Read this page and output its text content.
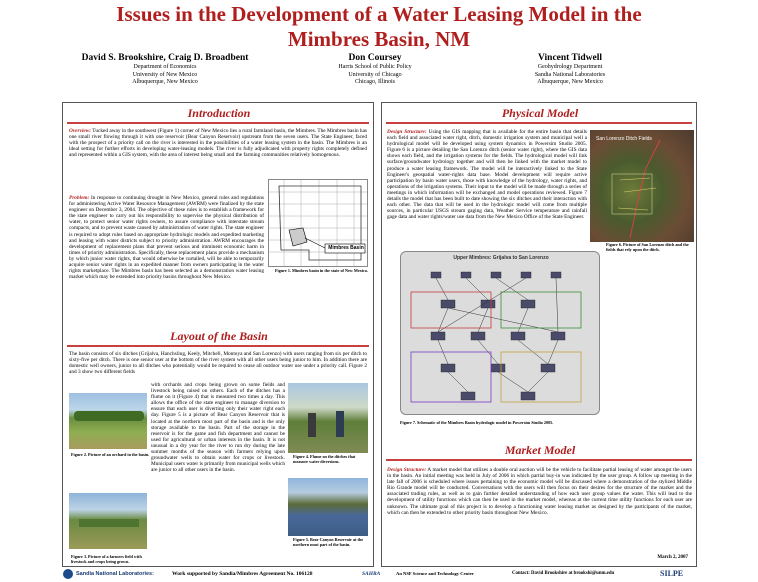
Issues in the Development of a Water Leasing Model in the
Mimbres Basin, NM
David S. Brookshire, Craig D. Broadbent
Department of Economics
University of New Mexico
Albuquerque, New Mexico
Don Coursey
Harris School of Public Policy
University of Chicago
Chicago, Illinois
Vincent Tidwell
Geohydrology Department
Sandia National Laboratories
Albuquerque, New Mexico
Introduction
Overview: Tucked away in the southwest (Figure 1) corner of New Mexico lies a rural farmland basin, the Mimbres. The Mimbres basin has one small river flowing through it with one reservoir (Bear Canyon Reservoir) upstream from the seven users. The State Engineer, faced with the prospect of a priority call on the river is interested in the possibilities of a water leasing system in the basin. The Mimbres is an ideal setting for further efforts in developing water-leasing models. The river is fully adjudicated with property rights completely defined and represented within a GIS system, with the area of interest being small and the farming communities relatively homogenous.
Problem: In response to continuing drought in New Mexico, general rules and regulations for administering Active Water Resource Management (AWRM) were finalized by the state engineer on December 3, 2004. The objective of these rules is to establish a framework for the state engineer to carry out his responsibility to supervise the physical distribution of water, to protect senior water rights owners, to assure compliance with interstate stream compacts, and to prevent waste caused by administration of water rights. The state engineer is required to adopt rules based on appropriate hydrologic models and expedited marketing and leasing with water districts subject to priority administration. AWRM encourages the development of replacement plans that prevent serious and imminent economic harm in times of priority administration. Specifically, these replacement plans provide a mechanism by which junior water rights, that would otherwise be curtailed, will be able to temporarily acquire senior water rights in an expedited manner from owners participating in the water rights marketplace. The Mimbres basin has been selected as a demonstration water leasing market which may be extended into priority basins throughout New Mexico.
Mimbres Basin
Figure 1. Mimbres basin in the state of New Mexico.
Layout of the Basin
The basin consists of six ditches (Grijalva, Hanchsling, Keely, Mitchell, Montoya and San Lorenzo) with users ranging from six per ditch to sixty-five per ditch. There is one senior user at the bottom of the river system with all other users being junior to him. In addition there are domestic well owners, junior to all ditches who potentially would be required to cease all outdoor water use under a priority call. Figure 2 and 3 show two different fields
Figure 2. Picture of an orchard in the basin.
Figure 3. Picture of a farmers field with livestock and crops being grown.
with orchards and crops being grown on some fields and livestock being raised on others. Each of the ditches has a flume on it (Figure 4) that is measured two times a day. This allows the office of the state engineer to manage diversion to ensure that each user is diverting only their water right each day. Figure 5 is a picture of Bear Canyon Reservoir that is located at the northern most part of the basin and is the only storage available to the basin. Part of the storage in the reservoir is for the game and fish department and cannot be used for agricultural or urban interests in the basin. It is not unusual in a dry year for the river to run dry during the late summer months of the season with farmers relying upon groundwater wells to obtain water for crops or livestock. Municipal users water is primarily from municipal wells which are junior to all other users in the basin.
Figure 4. Flume on the ditches that measure water diversions.
Figure 5. Bear Canyon Reservoir at the northern most part of the basin.
Physical Model
Design Structure: Using the GIS mapping that is available for the entire basin that details each field and associated water right, ditch, domestic irrigation system and municipal well a hydrological model will be developed using system dynamics in Powersim Studio 2005. Figure 6 is a picture detailing the San Lorenzo ditch (senior water right), where the GIS data shows each field, and the irrigation systems for the fields. The hydrological model will link surface/groundwater hydrology together and will then be linked with the market model to produce a water leasing framework. The model will be interactively linked to the State Engineer's geospatial water-rights data base. Model development will require active participation by basin water users, those with knowledge of the hydrology, water rights, and operations of the irrigation systems. Their input to the model will be made through a series of meetings in which information will be exchanged and model operations reviewed. Figure 7 details the model that has been built to date showing the six ditches and their interaction with each other. The data that will be used in the hydrologic model will come from multiple sources, in particular USGS stream gaging data, Weather Service temperature and rainfall gage data and water rights/water use data from the New Mexico Office of the State Engineer.
San Lorenzo Ditch Fields
Figure 6. Picture of San Lorenzo ditch and the fields that rely upon the ditch.
Upper Mimbres: Grijalva to San Lorenzo
Figure 7. Schematic of the Mimbres Basin hydrologic model in Powersim Studio 2005.
Market Model
Design Structure: A market model that utilizes a double oral auction will be the vehicle to facilitate partial leasing of water amongst the users in the basin. An initial meeting was held in July of 2006 in which partial buy-in was indicated by the user group. A follow up meeting in the late fall of 2006 is scheduled where issues pertaining to the economic model will be discussed where a demonstration of the stylized Middle Rio Grande model will be conducted. Conversations with the users will then focus on their desires for the structure of the market and the associated trading rules, as well as to gain further detailed understanding of how each user group values the water. This will lead to the development of utility functions which can then be used in the market model, whereas at the current time utility functions for each user are unknown. The ultimate goal of this project is to develop a functioning water leasing market as designed by the participants of the market, which can then be extended to other priority basin throughout New Mexico.
March 2, 2007
Sandia National Laboratories:	Work supported by Sandia/Mimbres Agreement No. 106128	SAHRA	An NSF Science and Technology Center	Contact: David Brookshire at brookshi@unm.edu	SILPE
